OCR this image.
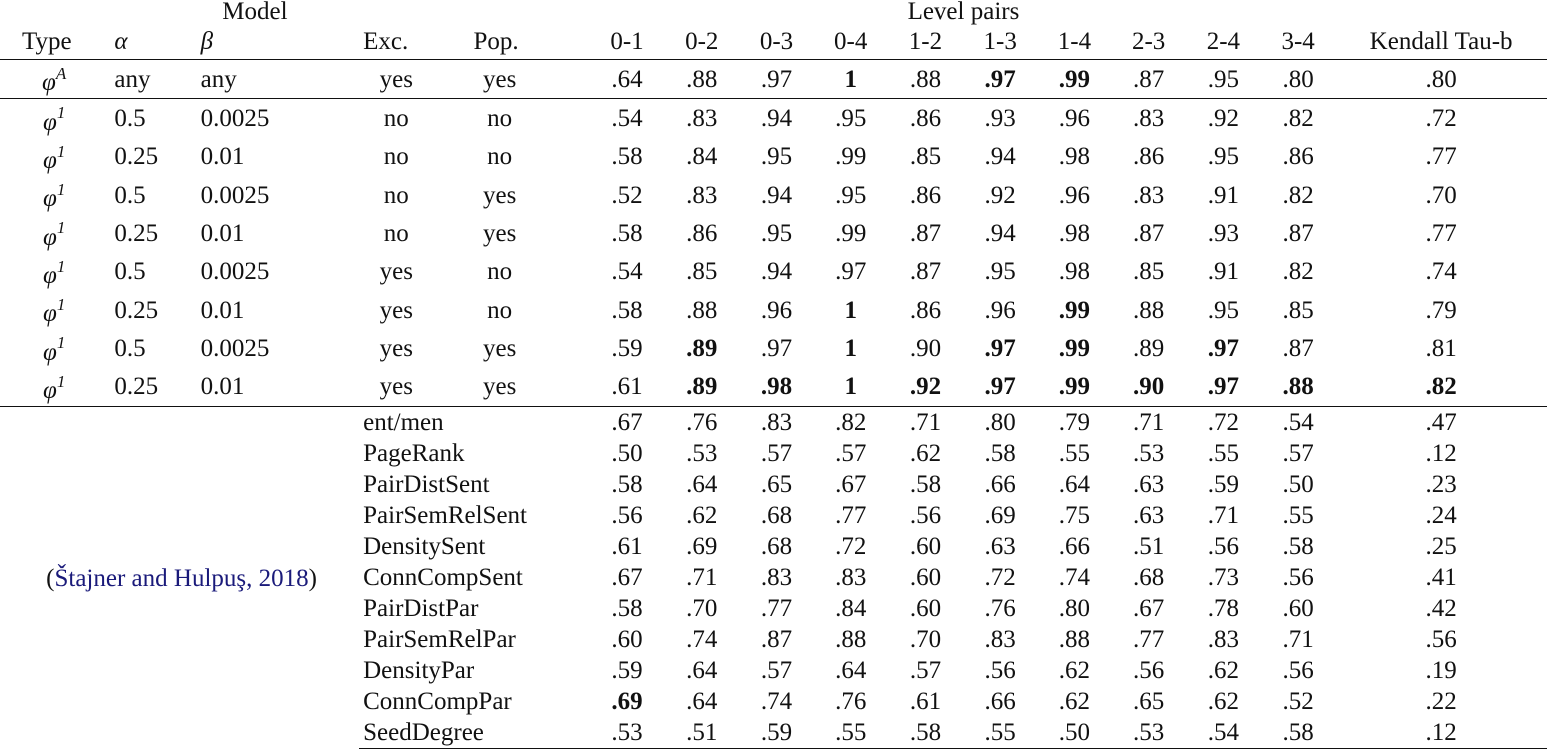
Model					Level pairs										
Type	α	β	Exc.	Pop.	0-1	0-2	0-3	0-4	1-2	1-3	1-4	2-3	2-4	3-4	Kendall Tau-b
$\varphi^A$	any	any	yes	yes	.64	.88	.97	1	.88	.97	.99	.87	.95	.80	.80
$\varphi^1$	0.5	0.0025	no	no	.54	.83	.94	.95	.86	.93	.96	.83	.92	.82	.72
$\varphi^1$	0.25	0.01	no	no	.58	.84	.95	.99	.85	.94	.98	.86	.95	.86	.77
$\varphi^1$	0.5	0.0025	no	yes	.52	.83	.94	.95	.86	.92	.96	.83	.91	.82	.70
$\varphi^1$	0.25	0.01	no	yes	.58	.86	.95	.99	.87	.94	.98	.87	.93	.87	.77
$\varphi^1$	0.5	0.0025	yes	no	.54	.85	.94	.97	.87	.95	.98	.85	.91	.82	.74
$\varphi^1$	0.25	0.01	yes	no	.58	.88	.96	1	.86	.96	.99	.88	.95	.85	.79
$\varphi^1$	0.5	0.0025	yes	yes	.59	.89	.97	1	.90	.97	.99	.89	.97	.87	.81
$\varphi^1$	0.25	0.01	yes	yes	.61	.89	.98	1	.92	.97	.99	.90	.97	.88	.82
(Štajner and Hulpuş, 2018)			ent/men		.67	.76	.83	.82	.71	.80	.79	.71	.72	.54	.47
			PageRank		.50	.53	.57	.57	.62	.58	.55	.53	.55	.57	.12
			PairDistSent		.58	.64	.65	.67	.58	.66	.64	.63	.59	.50	.23
			PairSemRelSent		.56	.62	.68	.77	.56	.69	.75	.63	.71	.55	.24
			DensitySent		.61	.69	.68	.72	.60	.63	.66	.51	.56	.58	.25
			ConnCompSent		.67	.71	.83	.83	.60	.72	.74	.68	.73	.56	.41
			PairDistPar		.58	.70	.77	.84	.60	.76	.80	.67	.78	.60	.42
			PairSemRelPar		.60	.74	.87	.88	.70	.83	.88	.77	.83	.71	.56
			DensityPar		.59	.64	.57	.64	.57	.56	.62	.56	.62	.56	.19
			ConnCompPar		.69	.64	.74	.76	.61	.66	.62	.65	.62	.52	.22
			SeedDegree		.53	.51	.59	.55	.58	.55	.50	.53	.54	.58	.12
